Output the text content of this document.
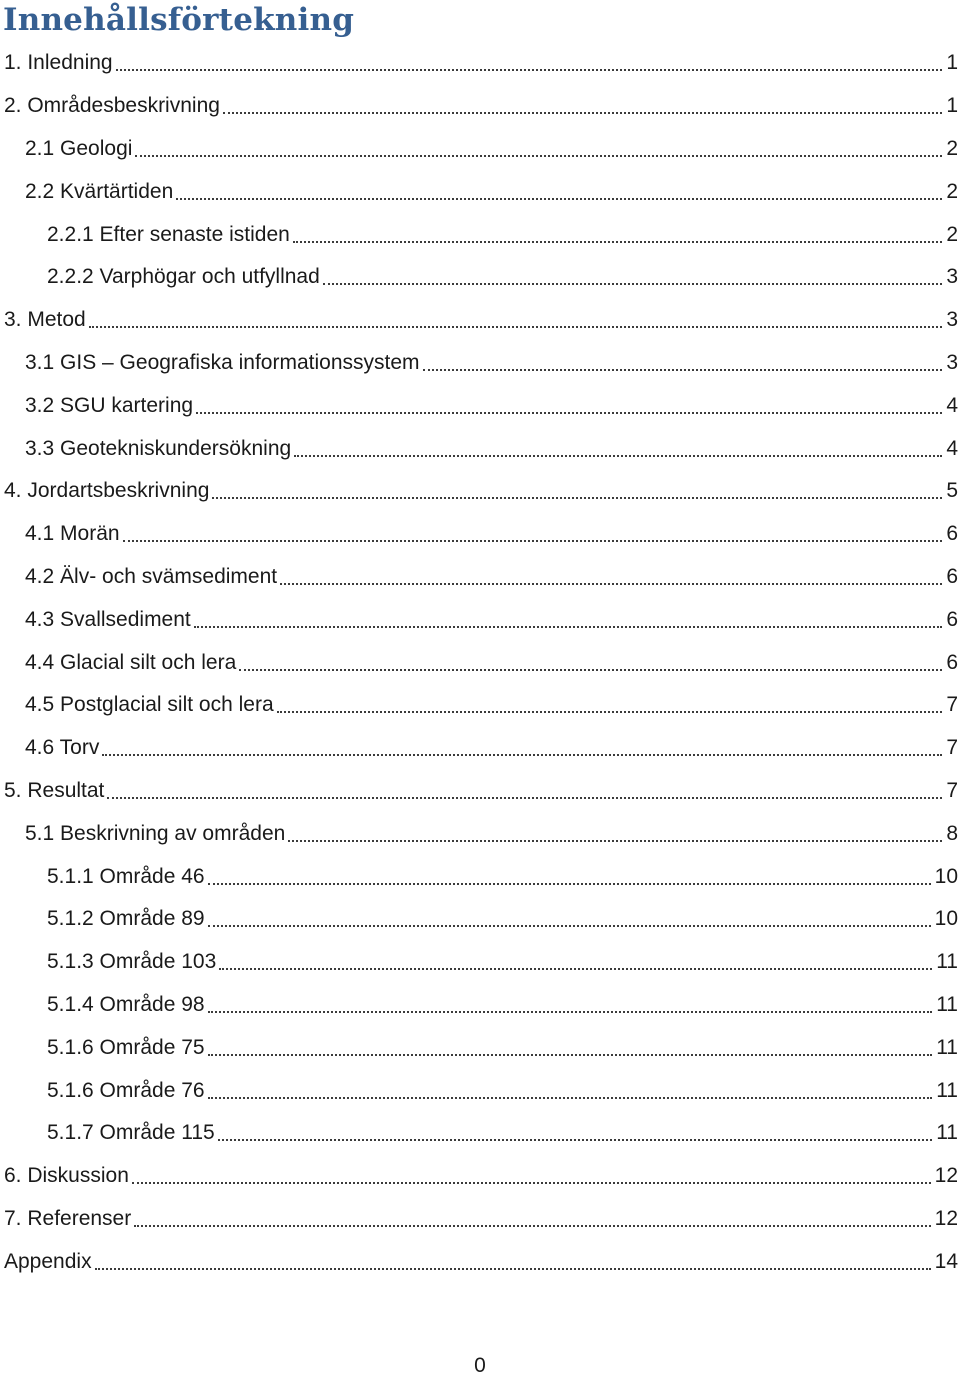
Innehållsförtekning
1. Inledning	1
2. Områdesbeskrivning	1
2.1 Geologi	2
2.2 Kvärtärtiden	2
2.2.1 Efter senaste istiden	2
2.2.2 Varphögar och utfyllnad	3
3. Metod	3
3.1 GIS – Geografiska informationssystem	3
3.2 SGU kartering	4
3.3 Geotekniskundersökning	4
4. Jordartsbeskrivning	5
4.1 Morän	6
4.2 Älv- och svämsediment	6
4.3 Svallsediment	6
4.4 Glacial silt och lera	6
4.5 Postglacial silt och lera	7
4.6 Torv	7
5. Resultat	7
5.1 Beskrivning av områden	8
5.1.1 Område 46	10
5.1.2 Område 89	10
5.1.3 Område 103	11
5.1.4 Område 98	11
5.1.6 Område 75	11
5.1.6 Område 76	11
5.1.7 Område 115	11
6. Diskussion	12
7. Referenser	12
Appendix	14
0
